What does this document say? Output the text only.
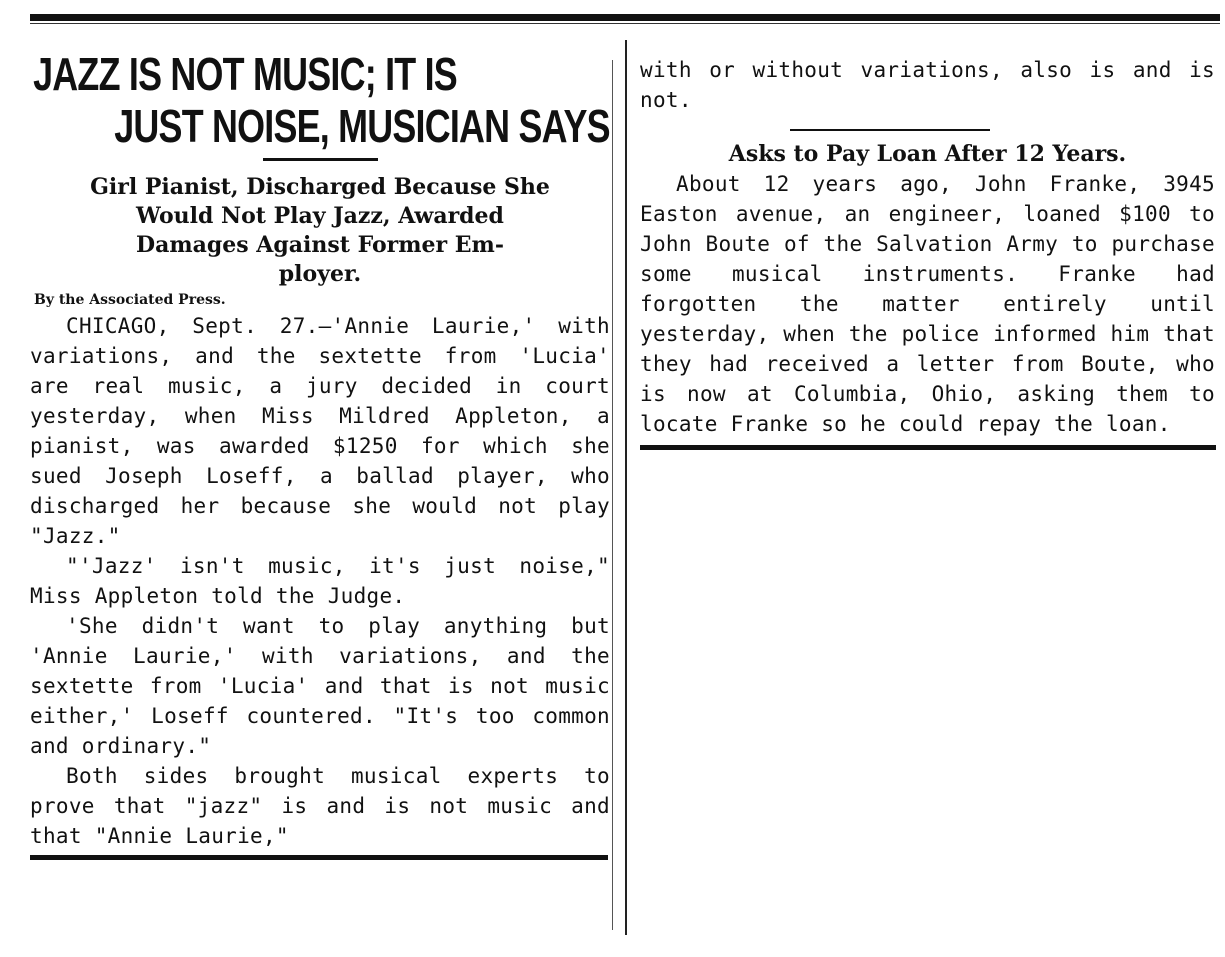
JAZZ IS NOT MUSIC; IT IS
JUST NOISE, MUSICIAN SAYS
Girl Pianist, Discharged Because She
Would Not Play Jazz, Awarded
Damages Against Former Em-
ployer.
By the Associated Press.

CHICAGO, Sept. 27.—'Annie Laurie,' with variations, and the sextette from 'Lucia' are real music, a jury decided in court yesterday, when Miss Mildred Appleton, a pianist, was awarded $1250 for which she sued Joseph Loseff, a ballad player, who discharged her because she would not play "Jazz."

"'Jazz' isn't music, it's just noise," Miss Appleton told the Judge.

'She didn't want to play anything but 'Annie Laurie,' with variations, and the sextette from 'Lucia' and that is not music either,' Loseff countered. "It's too common and ordinary."

Both sides brought musical experts to prove that "jazz" is and is not music and that "Annie Laurie,"

with or without variations, also is and is not.

Asks to Pay Loan After 12 Years.

About 12 years ago, John Franke, 3945 Easton avenue, an engineer, loaned $100 to John Boute of the Salvation Army to purchase some musical instruments. Franke had forgotten the matter entirely until yesterday, when the police informed him that they had received a letter from Boute, who is now at Columbia, Ohio, asking them to locate Franke so he could repay the loan.
